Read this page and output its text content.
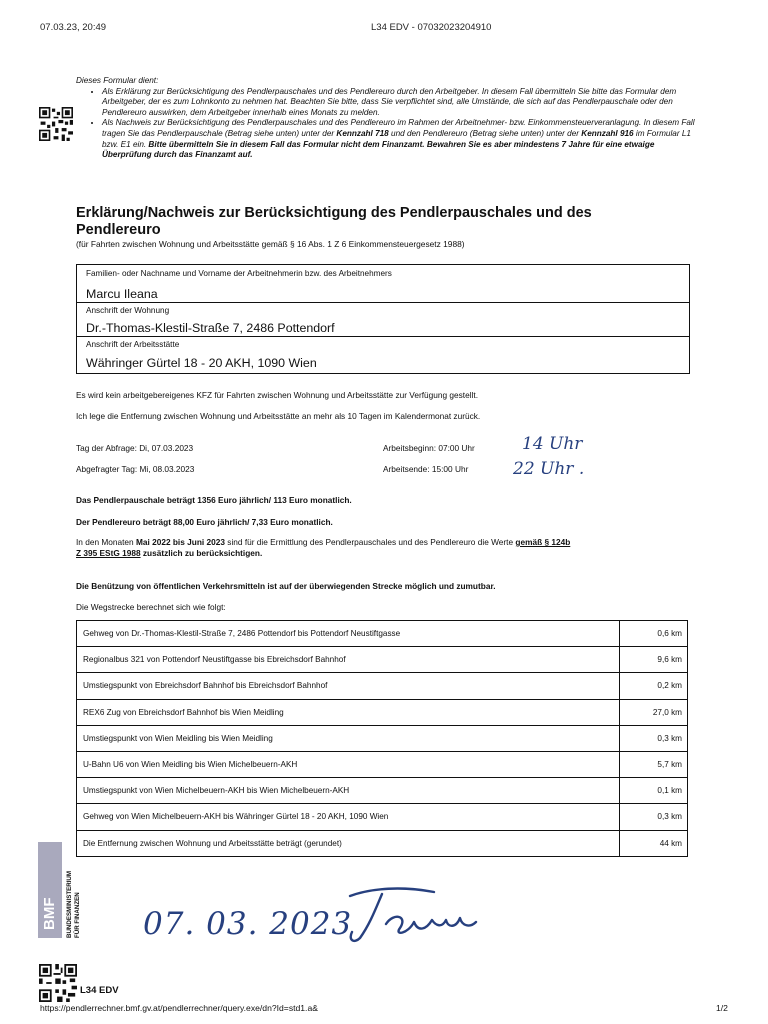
07.03.23, 20:49	L34 EDV - 07032023204910
Dieses Formular dient:
• Als Erklärung zur Berücksichtigung des Pendlerpauschales und des Pendlereuro durch den Arbeitgeber. In diesem Fall übermitteln Sie bitte das Formular dem Arbeitgeber, der es zum Lohnkonto zu nehmen hat. Beachten Sie bitte, dass Sie verpflichtet sind, alle Umstände, die sich auf das Pendlerpauschale oder den Pendlereuro auswirken, dem Arbeitgeber innerhalb eines Monats zu melden.
• Als Nachweis zur Berücksichtigung des Pendlerpauschales und des Pendlereuro im Rahmen der Arbeitnehmer- bzw. Einkommensteuerveranlagung. In diesem Fall tragen Sie das Pendlerpauschale (Betrag siehe unten) unter der Kennzahl 718 und den Pendlereuro (Betrag siehe unten) unter der Kennzahl 916 im Formular L1 bzw. E1 ein. Bitte übermitteln Sie in diesem Fall das Formular nicht dem Finanzamt. Bewahren Sie es aber mindestens 7 Jahre für eine etwaige Überprüfung durch das Finanzamt auf.
Erklärung/Nachweis zur Berücksichtigung des Pendlerpauschales und des Pendlereuro
(für Fahrten zwischen Wohnung und Arbeitsstätte gemäß § 16 Abs. 1 Z 6 Einkommensteuergesetz 1988)
Familien- oder Nachname und Vorname der Arbeitnehmerin bzw. des Arbeitnehmers
Marcu Ileana
Anschrift der Wohnung
Dr.-Thomas-Klestil-Straße 7, 2486 Pottendorf
Anschrift der Arbeitsstätte
Währinger Gürtel 18 - 20 AKH, 1090 Wien
Es wird kein arbeitgebereigenes KFZ für Fahrten zwischen Wohnung und Arbeitsstätte zur Verfügung gestellt.
Ich lege die Entfernung zwischen Wohnung und Arbeitsstätte an mehr als 10 Tagen im Kalendermonat zurück.
Tag der Abfrage: Di, 07.03.2023
Abgefragter Tag: Mi, 08.03.2023
Arbeitsbeginn: 07:00 Uhr
Arbeitsende: 15:00 Uhr
14 Uhr
22 Uhr .
Das Pendlerpauschale beträgt 1356 Euro jährlich/ 113 Euro monatlich.
Der Pendlereuro beträgt 88,00 Euro jährlich/ 7,33 Euro monatlich.
In den Monaten Mai 2022 bis Juni 2023 sind für die Ermittlung des Pendlerpauschales und des Pendlereuro die Werte gemäß § 124b
Z 395 EStG 1988 zusätzlich zu berücksichtigen.
Die Benützung von öffentlichen Verkehrsmitteln ist auf der überwiegenden Strecke möglich und zumutbar.
Die Wegstrecke berechnet sich wie folgt:
Gehweg von Dr.-Thomas-Klestil-Straße 7, 2486 Pottendorf bis Pottendorf Neustiftgasse	0,6 km
Regionalbus 321 von Pottendorf Neustiftgasse bis Ebreichsdorf Bahnhof	9,6 km
Umstiegspunkt von Ebreichsdorf Bahnhof bis Ebreichsdorf Bahnhof	0,2 km
REX6 Zug von Ebreichsdorf Bahnhof bis Wien Meidling	27,0 km
Umstiegspunkt von Wien Meidling bis Wien Meidling	0,3 km
U-Bahn U6 von Wien Meidling bis Wien Michelbeuern-AKH	5,7 km
Umstiegspunkt von Wien Michelbeuern-AKH bis Wien Michelbeuern-AKH	0,1 km
Gehweg von Wien Michelbeuern-AKH bis Währinger Gürtel 18 - 20 AKH, 1090 Wien	0,3 km
Die Entfernung zwischen Wohnung und Arbeitsstätte beträgt (gerundet)	44 km
BMF BUNDESMINISTERIUM FÜR FINANZEN 07. 03. 2023
L34 EDV
https://pendlerrechner.bmf.gv.at/pendlerrechner/query.exe/dn?Id=std1.a&	1/2
